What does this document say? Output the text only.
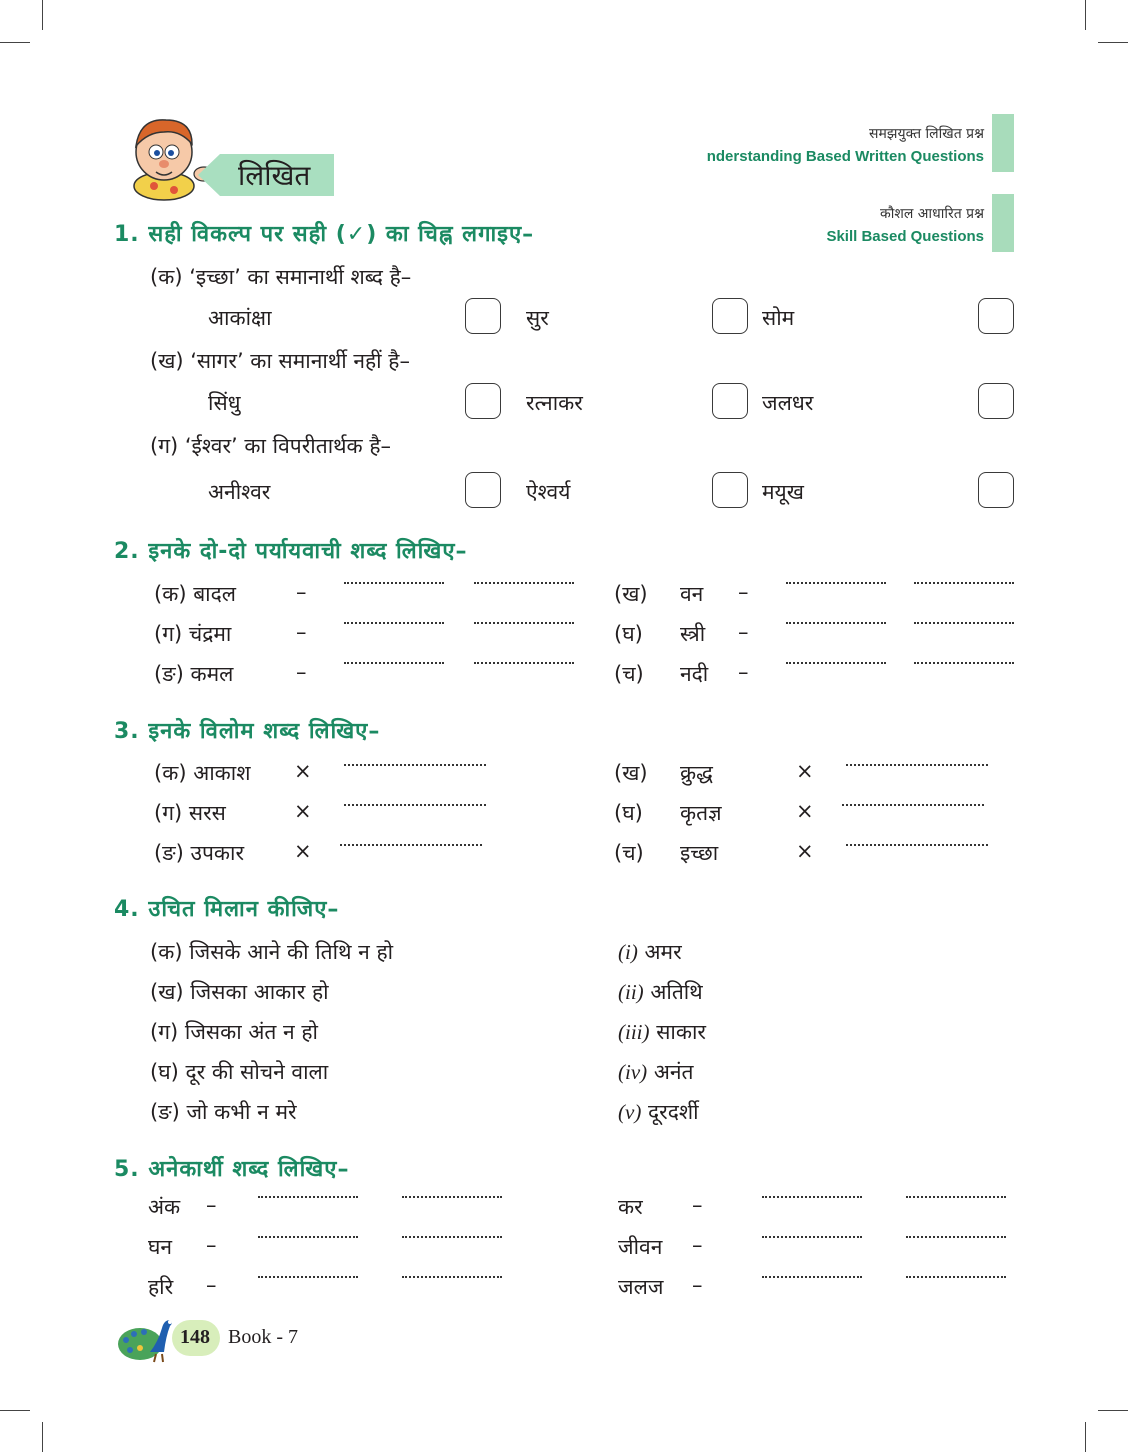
लिखित
समझयुक्त लिखित प्रश्न
nderstanding Based Written Questions
कौशल आधारित प्रश्न
Skill Based Questions
1. सही विकल्प पर सही (✓) का चिह्न लगाइए–
(क) ‘इच्छा’ का समानार्थी शब्द है–
आकांक्षा	सुर	सोम
(ख) ‘सागर’ का समानार्थी नहीं है–
सिंधु	रत्नाकर	जलधर
(ग) ‘ईश्वर’ का विपरीतार्थक है–
अनीश्वर	ऐश्वर्य	मयूख
2. इनके दो-दो पर्यायवाची शब्द लिखिए–
(क) बादल	–	(ख) वन –
(ग) चंद्रमा	–	(घ) स्त्री –
(ङ) कमल	–	(च) नदी –
3. इनके विलोम शब्द लिखिए–
(क) आकाश ×	(ख) क्रुद्ध	×
(ग) सरस	×	(घ) कृतज्ञ	×
(ङ) उपकार ×	(च) इच्छा	×
4. उचित मिलान कीजिए–
(क) जिसके आने की तिथि न हो	(i) अमर
(ख) जिसका आकार हो	(ii) अतिथि
(ग) जिसका अंत न हो	(iii) साकार
(घ) दूर की सोचने वाला	(iv) अनंत
(ङ) जो कभी न मरे	(v) दूरदर्शी
5. अनेकार्थी शब्द लिखिए–
अंक –	कर –
घन –	जीवन –
हरि –	जलज –
148 Book - 7
